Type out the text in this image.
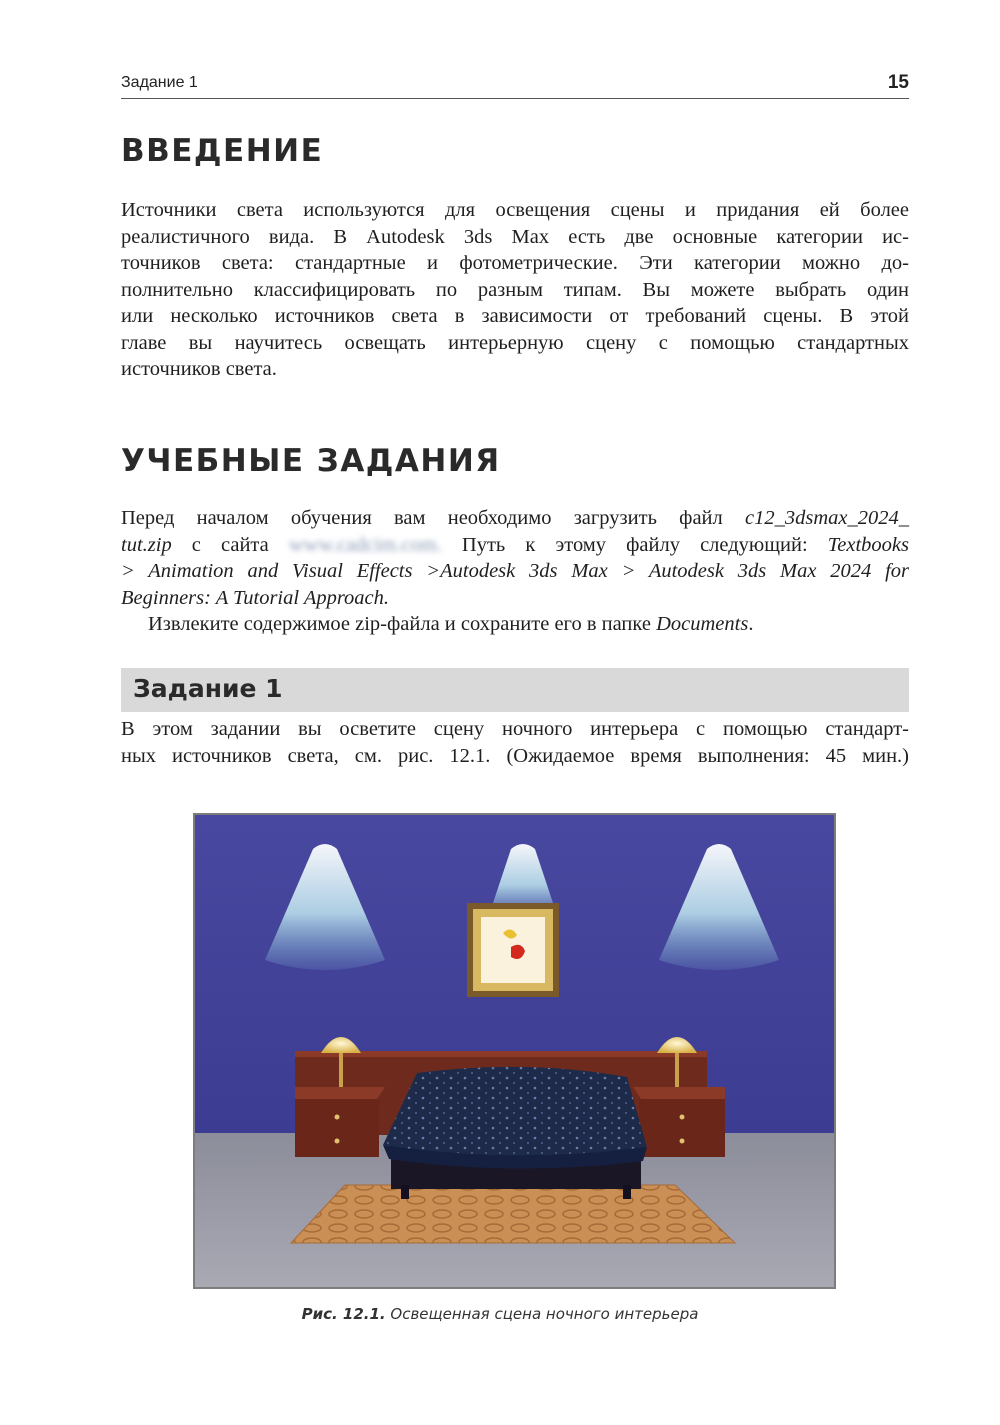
Задание 1	15
ВВЕДЕНИЕ

Источники света используются для освещения сцены и придания ей более
реалистичного вида. В Autodesk 3ds Max есть две основные категории ис-
точников света: стандартные и фотометрические. Эти категории можно до-
полнительно классифицировать по разным типам. Вы можете выбрать один
или несколько источников света в зависимости от требований сцены. В этой
главе вы научитесь освещать интерьерную сцену с помощью стандартных
источников света.

УЧЕБНЫЕ ЗАДАНИЯ

Перед началом обучения вам необходимо загрузить файл c12_3dsmax_2024_
tut.zip с сайта www.cadcim.com. Путь к этому файлу следующий: Textbooks
> Animation and Visual Effects >Autodesk 3ds Max > Autodesk 3ds Max 2024 for
Beginners: A Tutorial Approach.
Извлеките содержимое zip-файла и сохраните его в папке Documents.

Задание 1

В этом задании вы осветите сцену ночного интерьера с помощью стандарт-
ных источников света, см. рис. 12.1. (Ожидаемое время выполнения: 45 мин.)

Рис. 12.1. Освещенная сцена ночного интерьера
